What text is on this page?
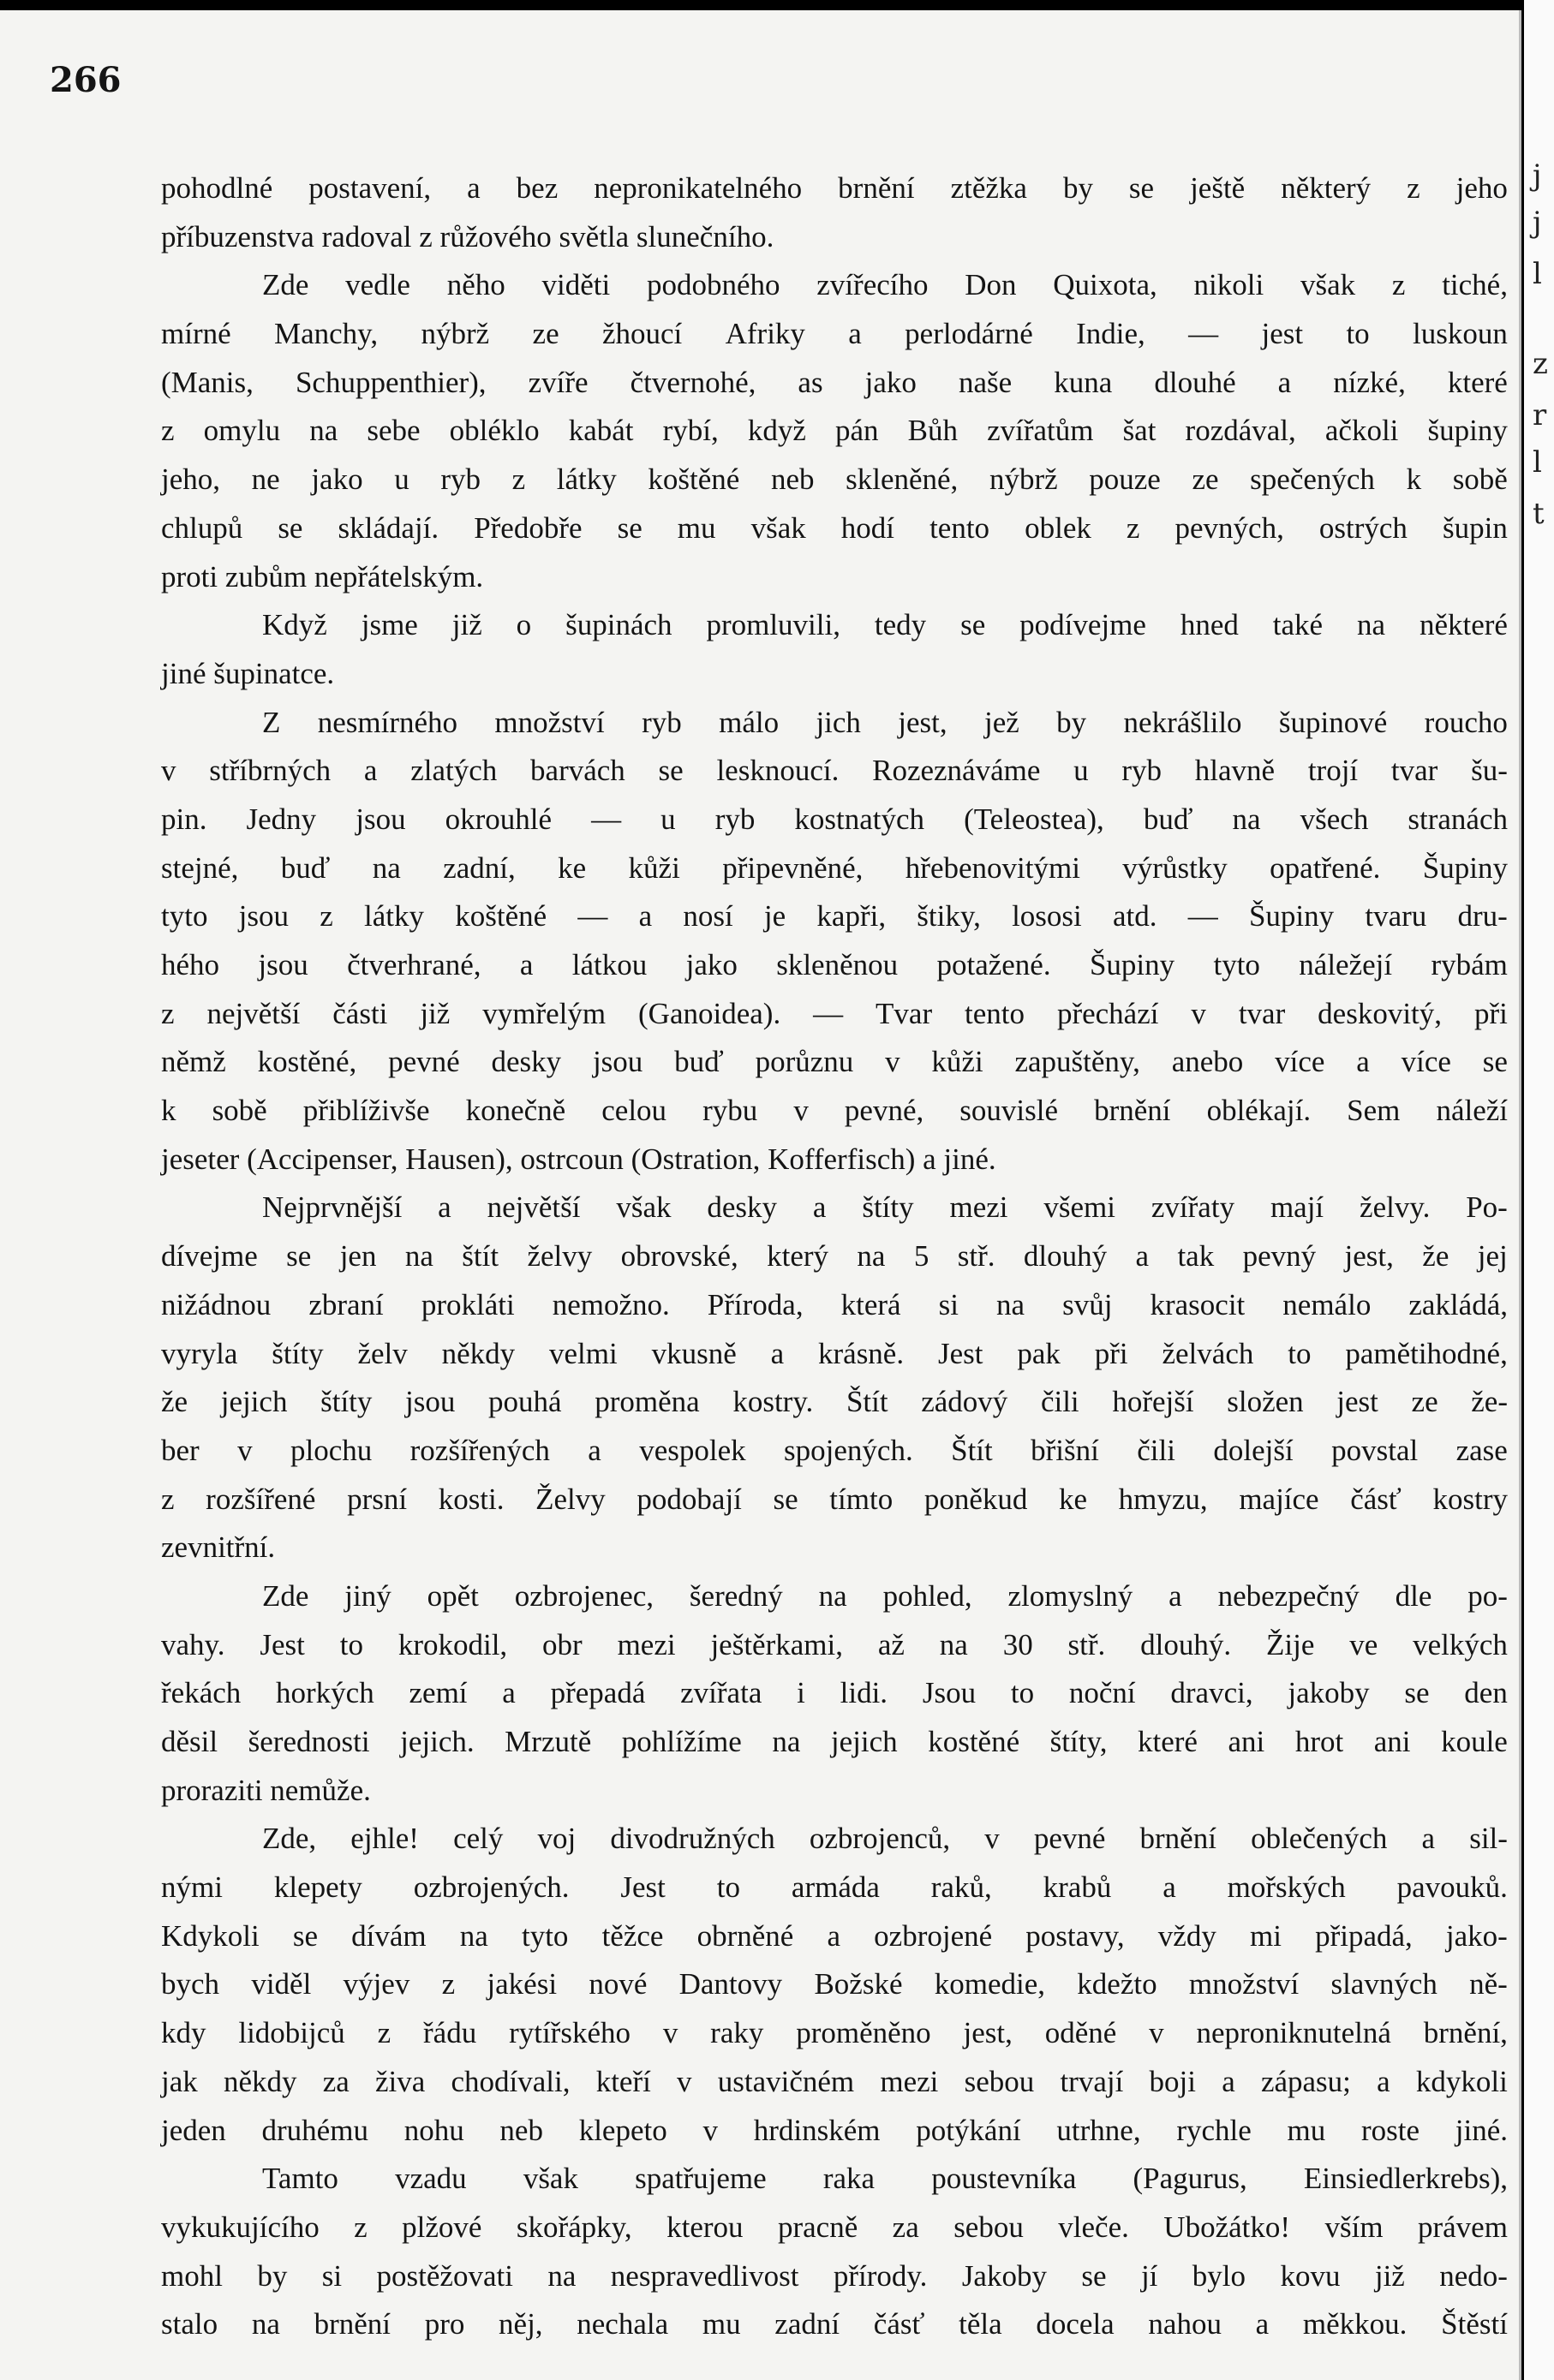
266
pohodlné postavení, a bez nepronikatelného brnění ztěžka by se ještě některý z jeho
příbuzenstva radoval z růžového světla slunečního.
Zde vedle něho viděti podobného zvířecího Don Quixota, nikoli však z tiché,
mírné Manchy, nýbrž ze žhoucí Afriky a perlodárné Indie, — jest to luskoun
(Manis, Schuppenthier), zvíře čtvernohé, as jako naše kuna dlouhé a nízké, které
z omylu na sebe obléklo kabát rybí, když pán Bůh zvířatům šat rozdával, ačkoli šupiny
jeho, ne jako u ryb z látky koštěné neb skleněné, nýbrž pouze ze spečených k sobě
chlupů se skládají. Předobře se mu však hodí tento oblek z pevných, ostrých šupin
proti zubům nepřátelským.
Když jsme již o šupinách promluvili, tedy se podívejme hned také na některé
jiné šupinatce.
Z nesmírného množství ryb málo jich jest, jež by nekrášlilo šupinové roucho
v stříbrných a zlatých barvách se lesknoucí. Rozeznáváme u ryb hlavně trojí tvar šu-
pin. Jedny jsou okrouhlé — u ryb kostnatých (Teleostea), buď na všech stranách
stejné, buď na zadní, ke kůži připevněné, hřebenovitými výrůstky opatřené. Šupiny
tyto jsou z látky koštěné — a nosí je kapři, štiky, lososi atd. — Šupiny tvaru dru-
hého jsou čtverhrané, a látkou jako skleněnou potažené. Šupiny tyto náležejí rybám
z největší části již vymřelým (Ganoidea). — Tvar tento přechází v tvar deskovitý, při
němž kostěné, pevné desky jsou buď porůznu v kůži zapuštěny, anebo více a více se
k sobě přiblíživše konečně celou rybu v pevné, souvislé brnění oblékají. Sem náleží
jeseter (Accipenser, Hausen), ostrcoun (Ostration, Kofferfisch) a jiné.
Nejprvnější a největší však desky a štíty mezi všemi zvířaty mají želvy. Po-
dívejme se jen na štít želvy obrovské, který na 5 stř. dlouhý a tak pevný jest, že jej
nižádnou zbraní prokláti nemožno. Příroda, která si na svůj krasocit nemálo zakládá,
vyryla štíty želv někdy velmi vkusně a krásně. Jest pak při želvách to pamětihodné,
že jejich štíty jsou pouhá proměna kostry. Štít zádový čili hořejší složen jest ze že-
ber v plochu rozšířených a vespolek spojených. Štít břišní čili dolejší povstal zase
z rozšířené prsní kosti. Želvy podobají se tímto poněkud ke hmyzu, majíce čásť kostry
zevnitřní.
Zde jiný opět ozbrojenec, šeredný na pohled, zlomyslný a nebezpečný dle po-
vahy. Jest to krokodil, obr mezi ještěrkami, až na 30 stř. dlouhý. Žije ve velkých
řekách horkých zemí a přepadá zvířata i lidi. Jsou to noční dravci, jakoby se den
děsil šerednosti jejich. Mrzutě pohlížíme na jejich kostěné štíty, které ani hrot ani koule
proraziti nemůže.
Zde, ejhle! celý voj divodružných ozbrojenců, v pevné brnění oblečených a sil-
nými klepety ozbrojených. Jest to armáda raků, krabů a mořských pavouků.
Kdykoli se dívám na tyto těžce obrněné a ozbrojené postavy, vždy mi připadá, jako-
bych viděl výjev z jakési nové Dantovy Božské komedie, kdežto množství slavných ně-
kdy lidobijců z řádu rytířského v raky proměněno jest, oděné v neproniknutelná brnění,
jak někdy za živa chodívali, kteří v ustavičném mezi sebou trvají boji a zápasu; a kdykoli
jeden druhému nohu neb klepeto v hrdinském potýkání utrhne, rychle mu roste jiné.
Tamto vzadu však spatřujeme raka poustevníka (Pagurus, Einsiedlerkrebs),
vykukujícího z plžové skořápky, kterou pracně za sebou vleče. Ubožátko! vším právem
mohl by si postěžovati na nespravedlivost přírody. Jakoby se jí bylo kovu již nedo-
stalo na brnění pro něj, nechala mu zadní čásť těla docela nahou a měkkou. Štěstí
j
j
l
z
r
l
t
